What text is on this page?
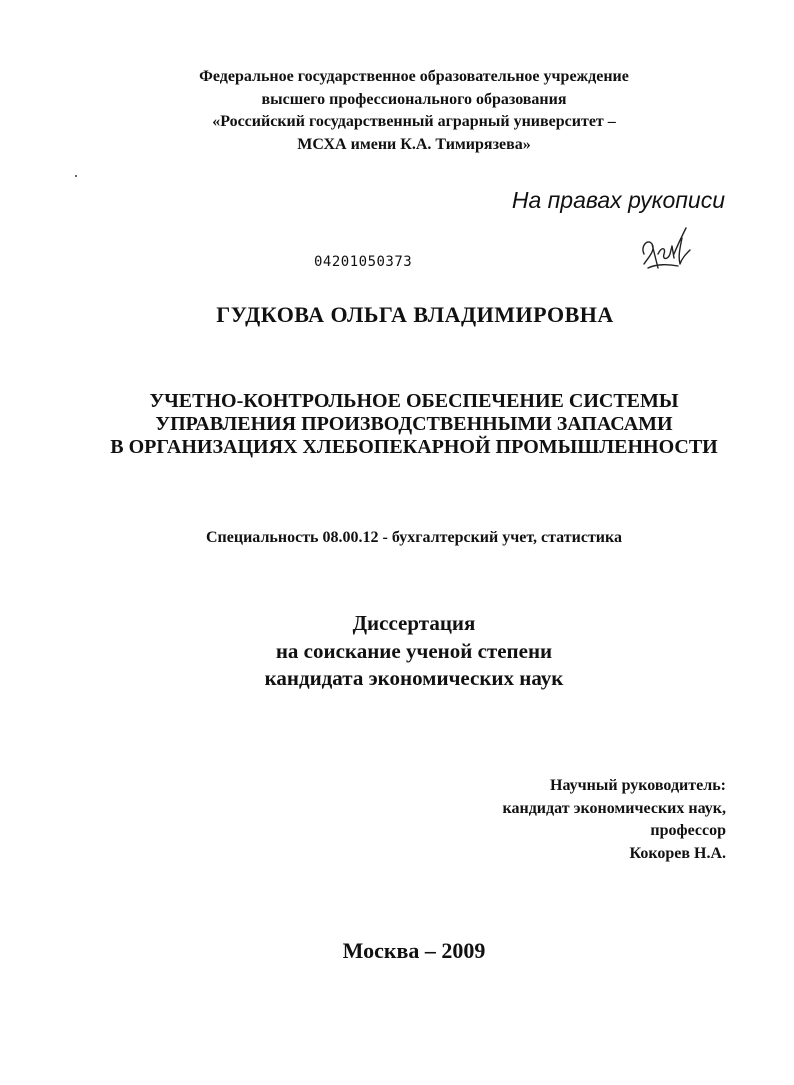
Федеральное государственное образовательное учреждение
высшего профессионального образования
«Российский государственный аграрный университет –
МСХА имени К.А. Тимирязева»
На правах рукописи
04201050373
ГУДКОВА ОЛЬГА ВЛАДИМИРОВНА
УЧЕТНО-КОНТРОЛЬНОЕ ОБЕСПЕЧЕНИЕ СИСТЕМЫ
УПРАВЛЕНИЯ ПРОИЗВОДСТВЕННЫМИ ЗАПАСАМИ
В ОРГАНИЗАЦИЯХ ХЛЕБОПЕКАРНОЙ ПРОМЫШЛЕННОСТИ
Специальность 08.00.12 - бухгалтерский учет, статистика
Диссертация
на соискание ученой степени
кандидата экономических наук
Научный руководитель:
кандидат экономических наук,
профессор
Кокорев Н.А.
Москва – 2009
